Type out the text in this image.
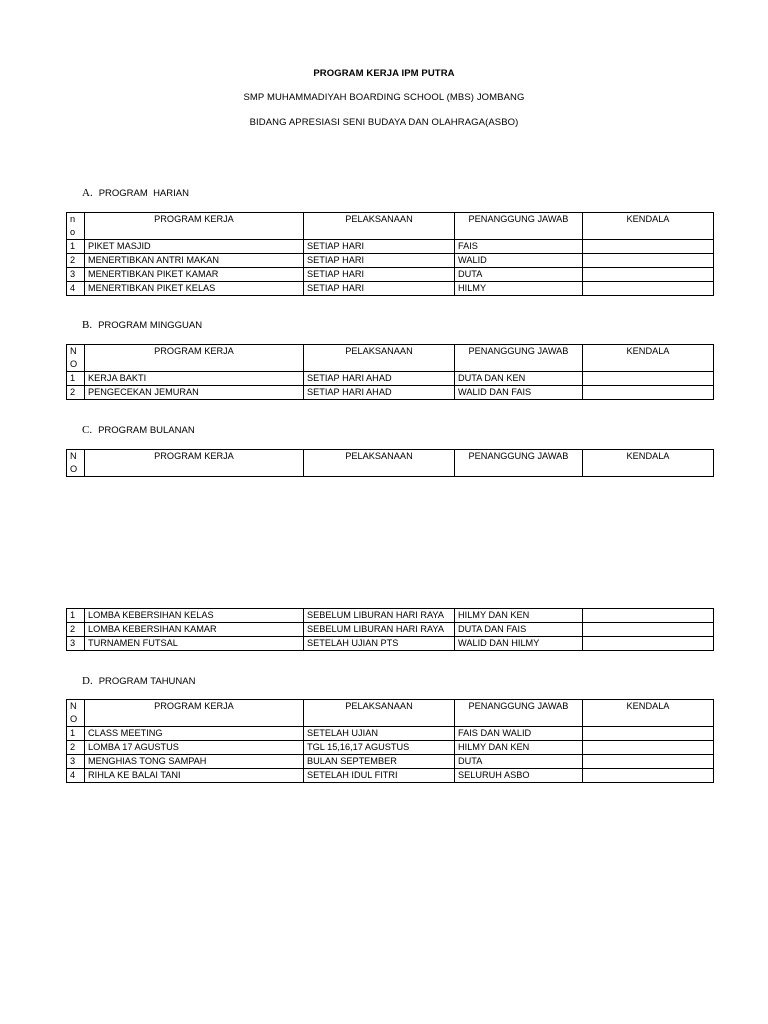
PROGRAM KERJA IPM PUTRA
SMP MUHAMMADIYAH BOARDING SCHOOL (MBS) JOMBANG
BIDANG APRESIASI SENI BUDAYA DAN OLAHRAGA(ASBO)
A. PROGRAM  HARIAN
n o	PROGRAM KERJA	PELAKSANAAN	PENANGGUNG JAWAB	KENDALA
1	PIKET MASJID	SETIAP HARI	FAIS	
2	MENERTIBKAN ANTRI MAKAN	SETIAP HARI	WALID	
3	MENERTIBKAN PIKET KAMAR	SETIAP HARI	DUTA	
4	MENERTIBKAN PIKET KELAS	SETIAP HARI	HILMY	
B. PROGRAM MINGGUAN
N O	PROGRAM KERJA	PELAKSANAAN	PENANGGUNG JAWAB	KENDALA
1	KERJA BAKTI	SETIAP HARI AHAD	DUTA DAN KEN	
2	PENGECEKAN JEMURAN	SETIAP HARI AHAD	WALID DAN FAIS	
C. PROGRAM BULANAN
N O	PROGRAM KERJA	PELAKSANAAN	PENANGGUNG JAWAB	KENDALA
1	LOMBA KEBERSIHAN KELAS	SEBELUM LIBURAN HARI RAYA	HILMY DAN KEN	
2	LOMBA KEBERSIHAN KAMAR	SEBELUM LIBURAN HARI RAYA	DUTA DAN FAIS	
3	TURNAMEN FUTSAL	SETELAH UJIAN PTS	WALID DAN HILMY	
D. PROGRAM TAHUNAN
N O	PROGRAM KERJA	PELAKSANAAN	PENANGGUNG JAWAB	KENDALA
1	CLASS MEETING	SETELAH UJIAN	FAIS DAN WALID	
2	LOMBA 17 AGUSTUS	TGL 15,16,17 AGUSTUS	HILMY DAN KEN	
3	MENGHIAS TONG SAMPAH	BULAN SEPTEMBER	DUTA	
4	RIHLA KE BALAI TANI	SETELAH IDUL FITRI	SELURUH ASBO	
